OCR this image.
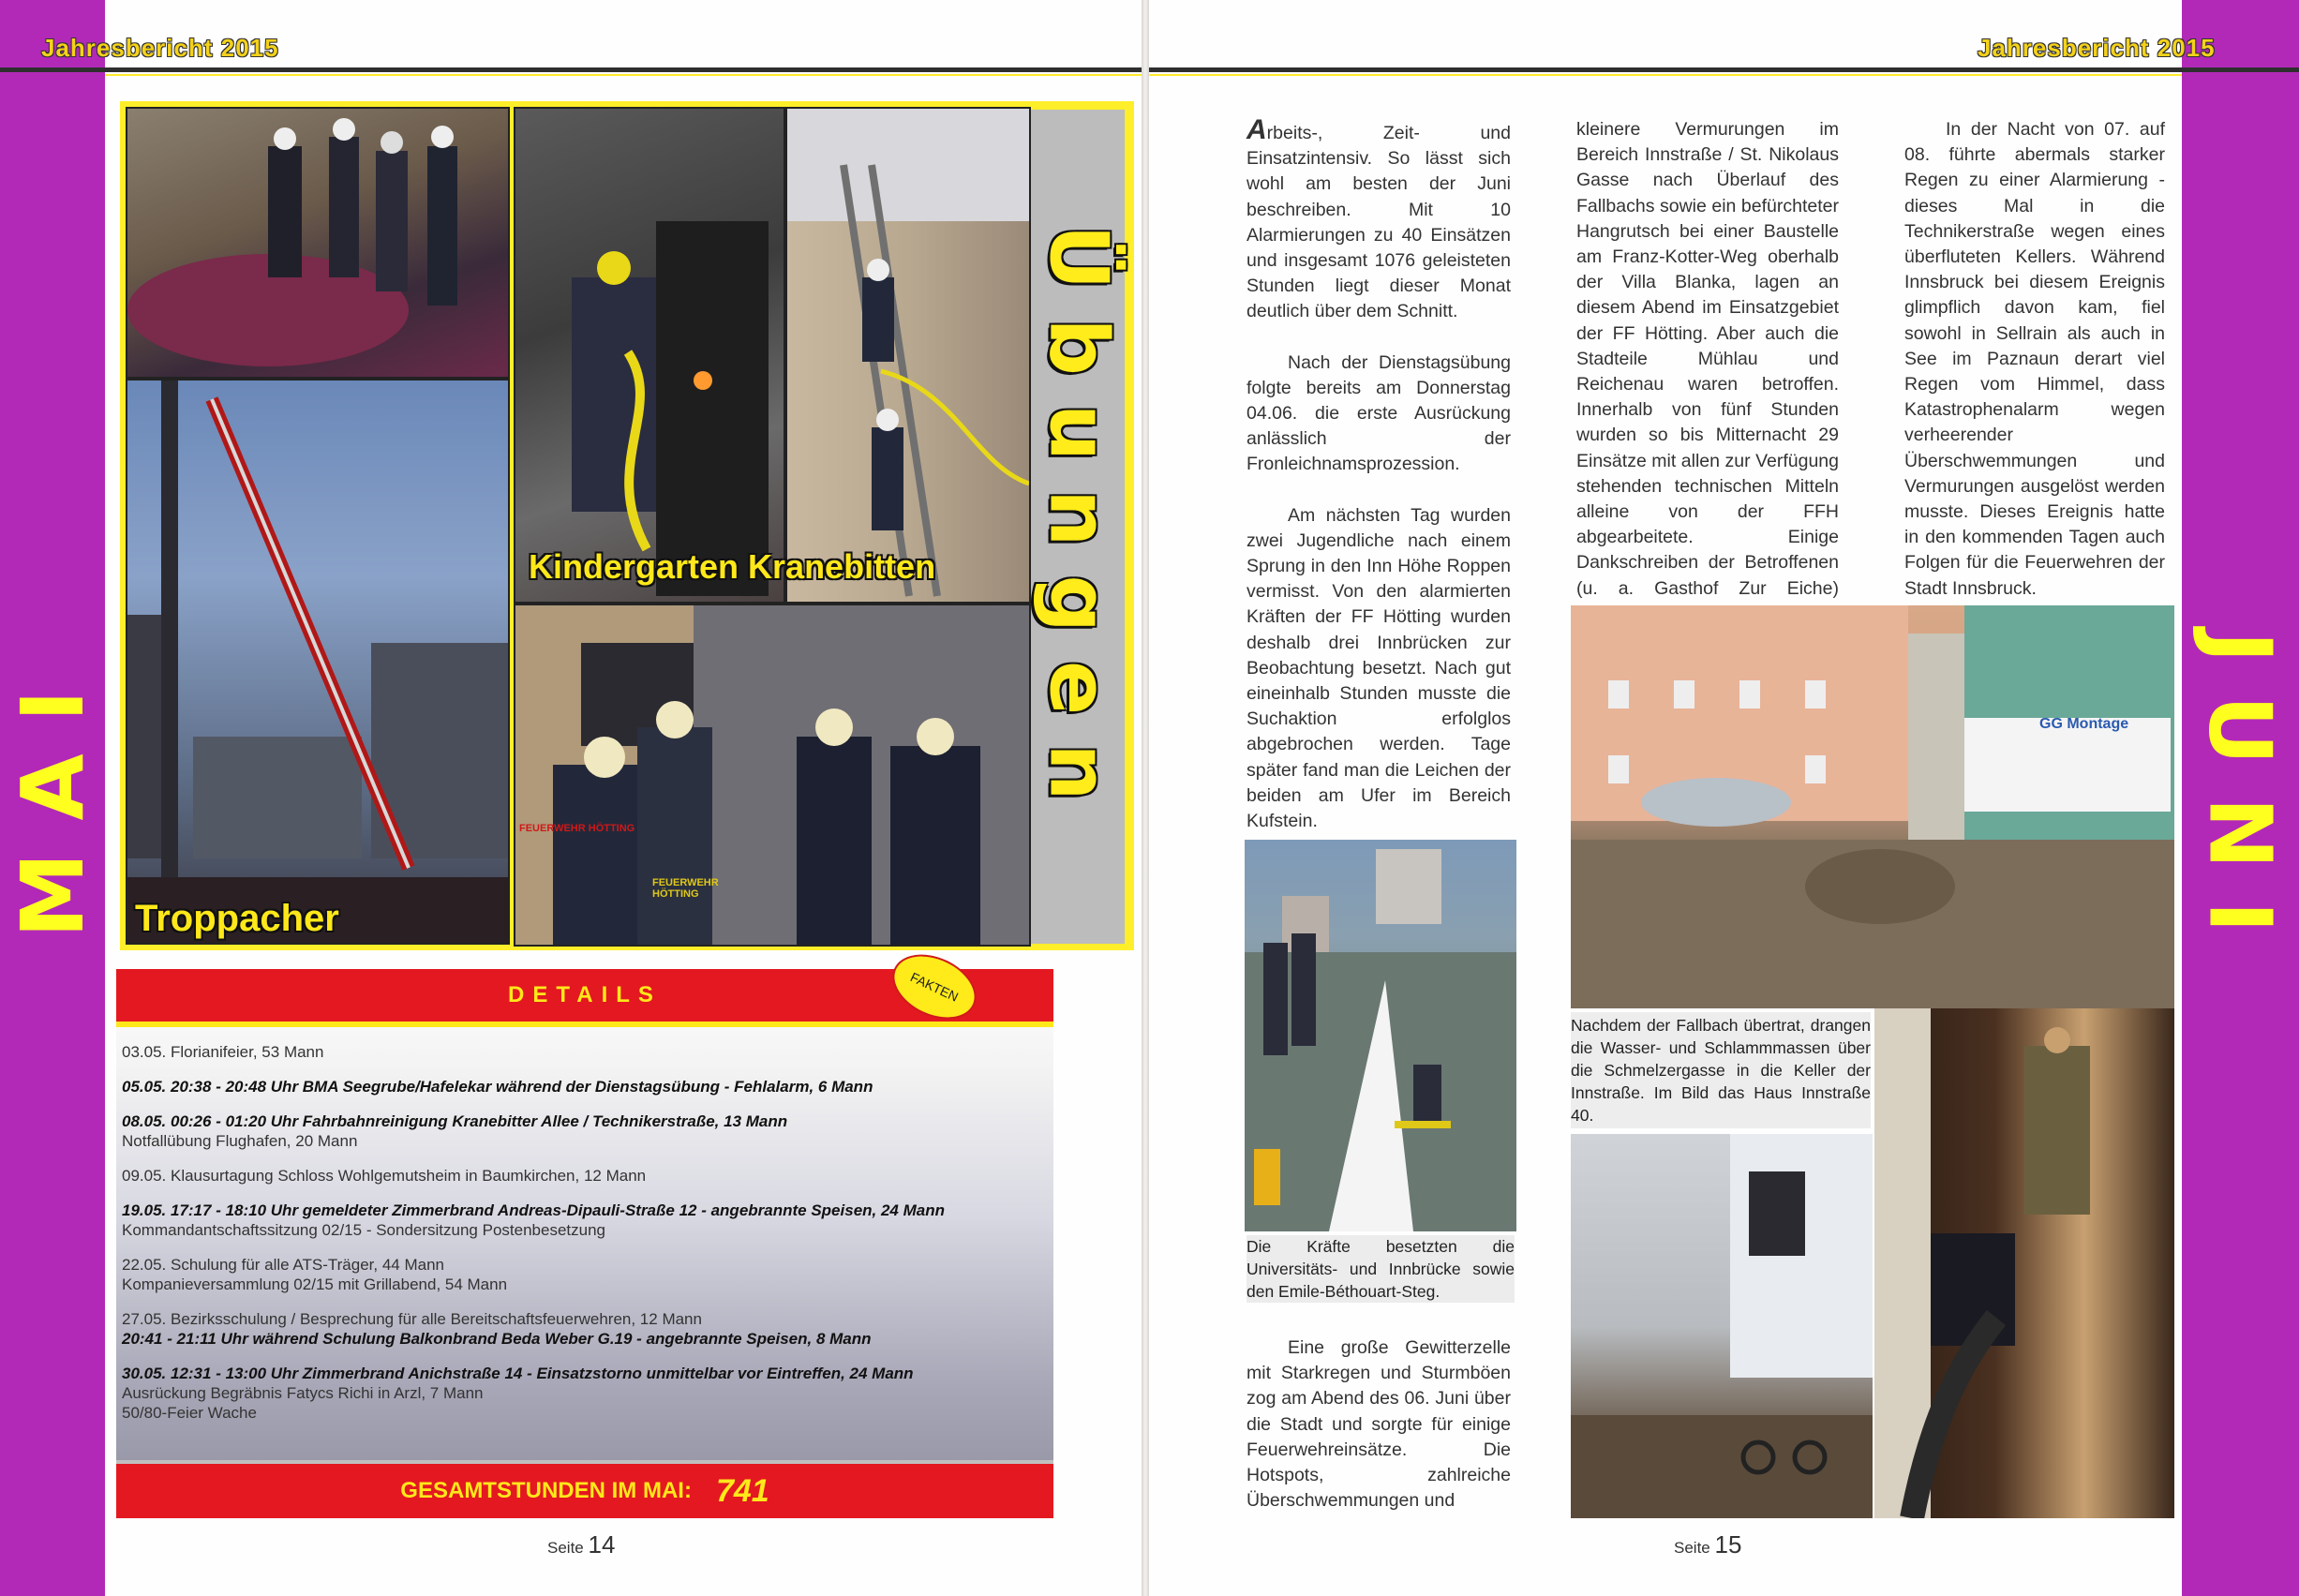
MAI	JUNI
Jahresbericht 2015	Jahresbericht 2015
Troppacher
FEUERWEHR HÖTTING
FEUERWEHR HÖTTING
Kindergarten Kranebitten Übungen
DETAILS	FAKTEN
03.05. Florianifeier, 53 Mann
05.05. 20:38 - 20:48 Uhr BMA Seegrube/Hafelekar während der Dienstagsübung - Fehlalarm, 6 Mann
08.05. 00:26 - 01:20 Uhr Fahrbahnreinigung Kranebitter Allee / Technikerstraße, 13 Mann
Notfallübung Flughafen, 20 Mann
09.05. Klausurtagung Schloss Wohlgemutsheim in Baumkirchen, 12 Mann
19.05. 17:17 - 18:10 Uhr gemeldeter Zimmerbrand Andreas-Dipauli-Straße 12 - angebrannte Speisen, 24 Mann
Kommandantschaftssitzung 02/15 - Sondersitzung Postenbesetzung
22.05. Schulung für alle ATS-Träger, 44 Mann
Kompanieversammlung 02/15 mit Grillabend, 54 Mann
27.05. Bezirksschulung / Besprechung für alle Bereitschaftsfeuerwehren, 12 Mann
20:41 - 21:11 Uhr während Schulung Balkonbrand Beda Weber G.19 - angebrannte Speisen, 8 Mann
30.05. 12:31 - 13:00 Uhr Zimmerbrand Anichstraße 14 - Einsatzstorno unmittelbar vor Eintreffen, 24 Mann
Ausrückung Begräbnis Fatycs Richi in Arzl, 7 Mann
50/80-Feier Wache
GESAMTSTUNDEN IM MAI: 741
Seite 14

Arbeits-, Zeit- und Einsatzintensiv. So lässt sich wohl am besten der Juni beschreiben. Mit 10 Alarmierungen zu 40 Einsätzen und insgesamt 1076 geleisteten Stunden liegt dieser Monat deutlich über dem Schnitt.

Nach der Dienstagsübung folgte bereits am Donnerstag 04.06. die erste Ausrückung anlässlich der Fronleichnamsprozession.

Am nächsten Tag wurden zwei Jugendliche nach einem Sprung in den Inn Höhe Roppen vermisst. Von den alarmierten Kräften der FF Hötting wurden deshalb drei Innbrücken zur Beobachtung besetzt. Nach gut eineinhalb Stunden musste die Suchaktion erfolglos abgebrochen werden. Tage später fand man die Leichen der beiden am Ufer im Bereich Kufstein.

Die Kräfte besetzten die Universitäts- und Innbrücke sowie den Emile-Béthouart-Steg.

Eine große Gewitterzelle mit Starkregen und Sturmböen zog am Abend des 06. Juni über die Stadt und sorgte für einige Feuerwehreinsätze. Die Hotspots, zahlreiche Überschwemmungen und

kleinere Vermurungen im Bereich Innstraße / St. Nikolaus Gasse nach Überlauf des Fallbachs sowie ein befürchteter Hangrutsch bei einer Baustelle am Franz-Kotter-Weg oberhalb der Villa Blanka, lagen an diesem Abend im Einsatzgebiet der FF Hötting. Aber auch die Stadteile Mühlau und Reichenau waren betroffen. Innerhalb von fünf Stunden wurden so bis Mitternacht 29 Einsätze mit allen zur Verfügung stehenden technischen Mitteln alleine von der FFH abgearbeitete. Einige Dankschreiben der Betroffenen (u. a. Gasthof Zur Eiche)

In der Nacht von 07. auf 08. führte abermals starker Regen zu einer Alarmierung - dieses Mal in die Technikerstraße wegen eines überfluteten Kellers. Während Innsbruck bei diesem Ereignis glimpflich davon kam, fiel sowohl in Sellrain als auch in See im Paznaun derart viel Regen vom Himmel, dass Katastrophenalarm wegen verheerender Überschwemmungen und Vermurungen ausgelöst werden musste. Dieses Ereignis hatte in den kommenden Tagen auch Folgen für die Feuerwehren der Stadt Innsbruck.

GG Montage
Nachdem der Fallbach übertrat, drangen die Wasser- und Schlammmassen über die Schmelzergasse in die Keller der Innstraße. Im Bild das Haus Innstraße 40.
Seite 15
